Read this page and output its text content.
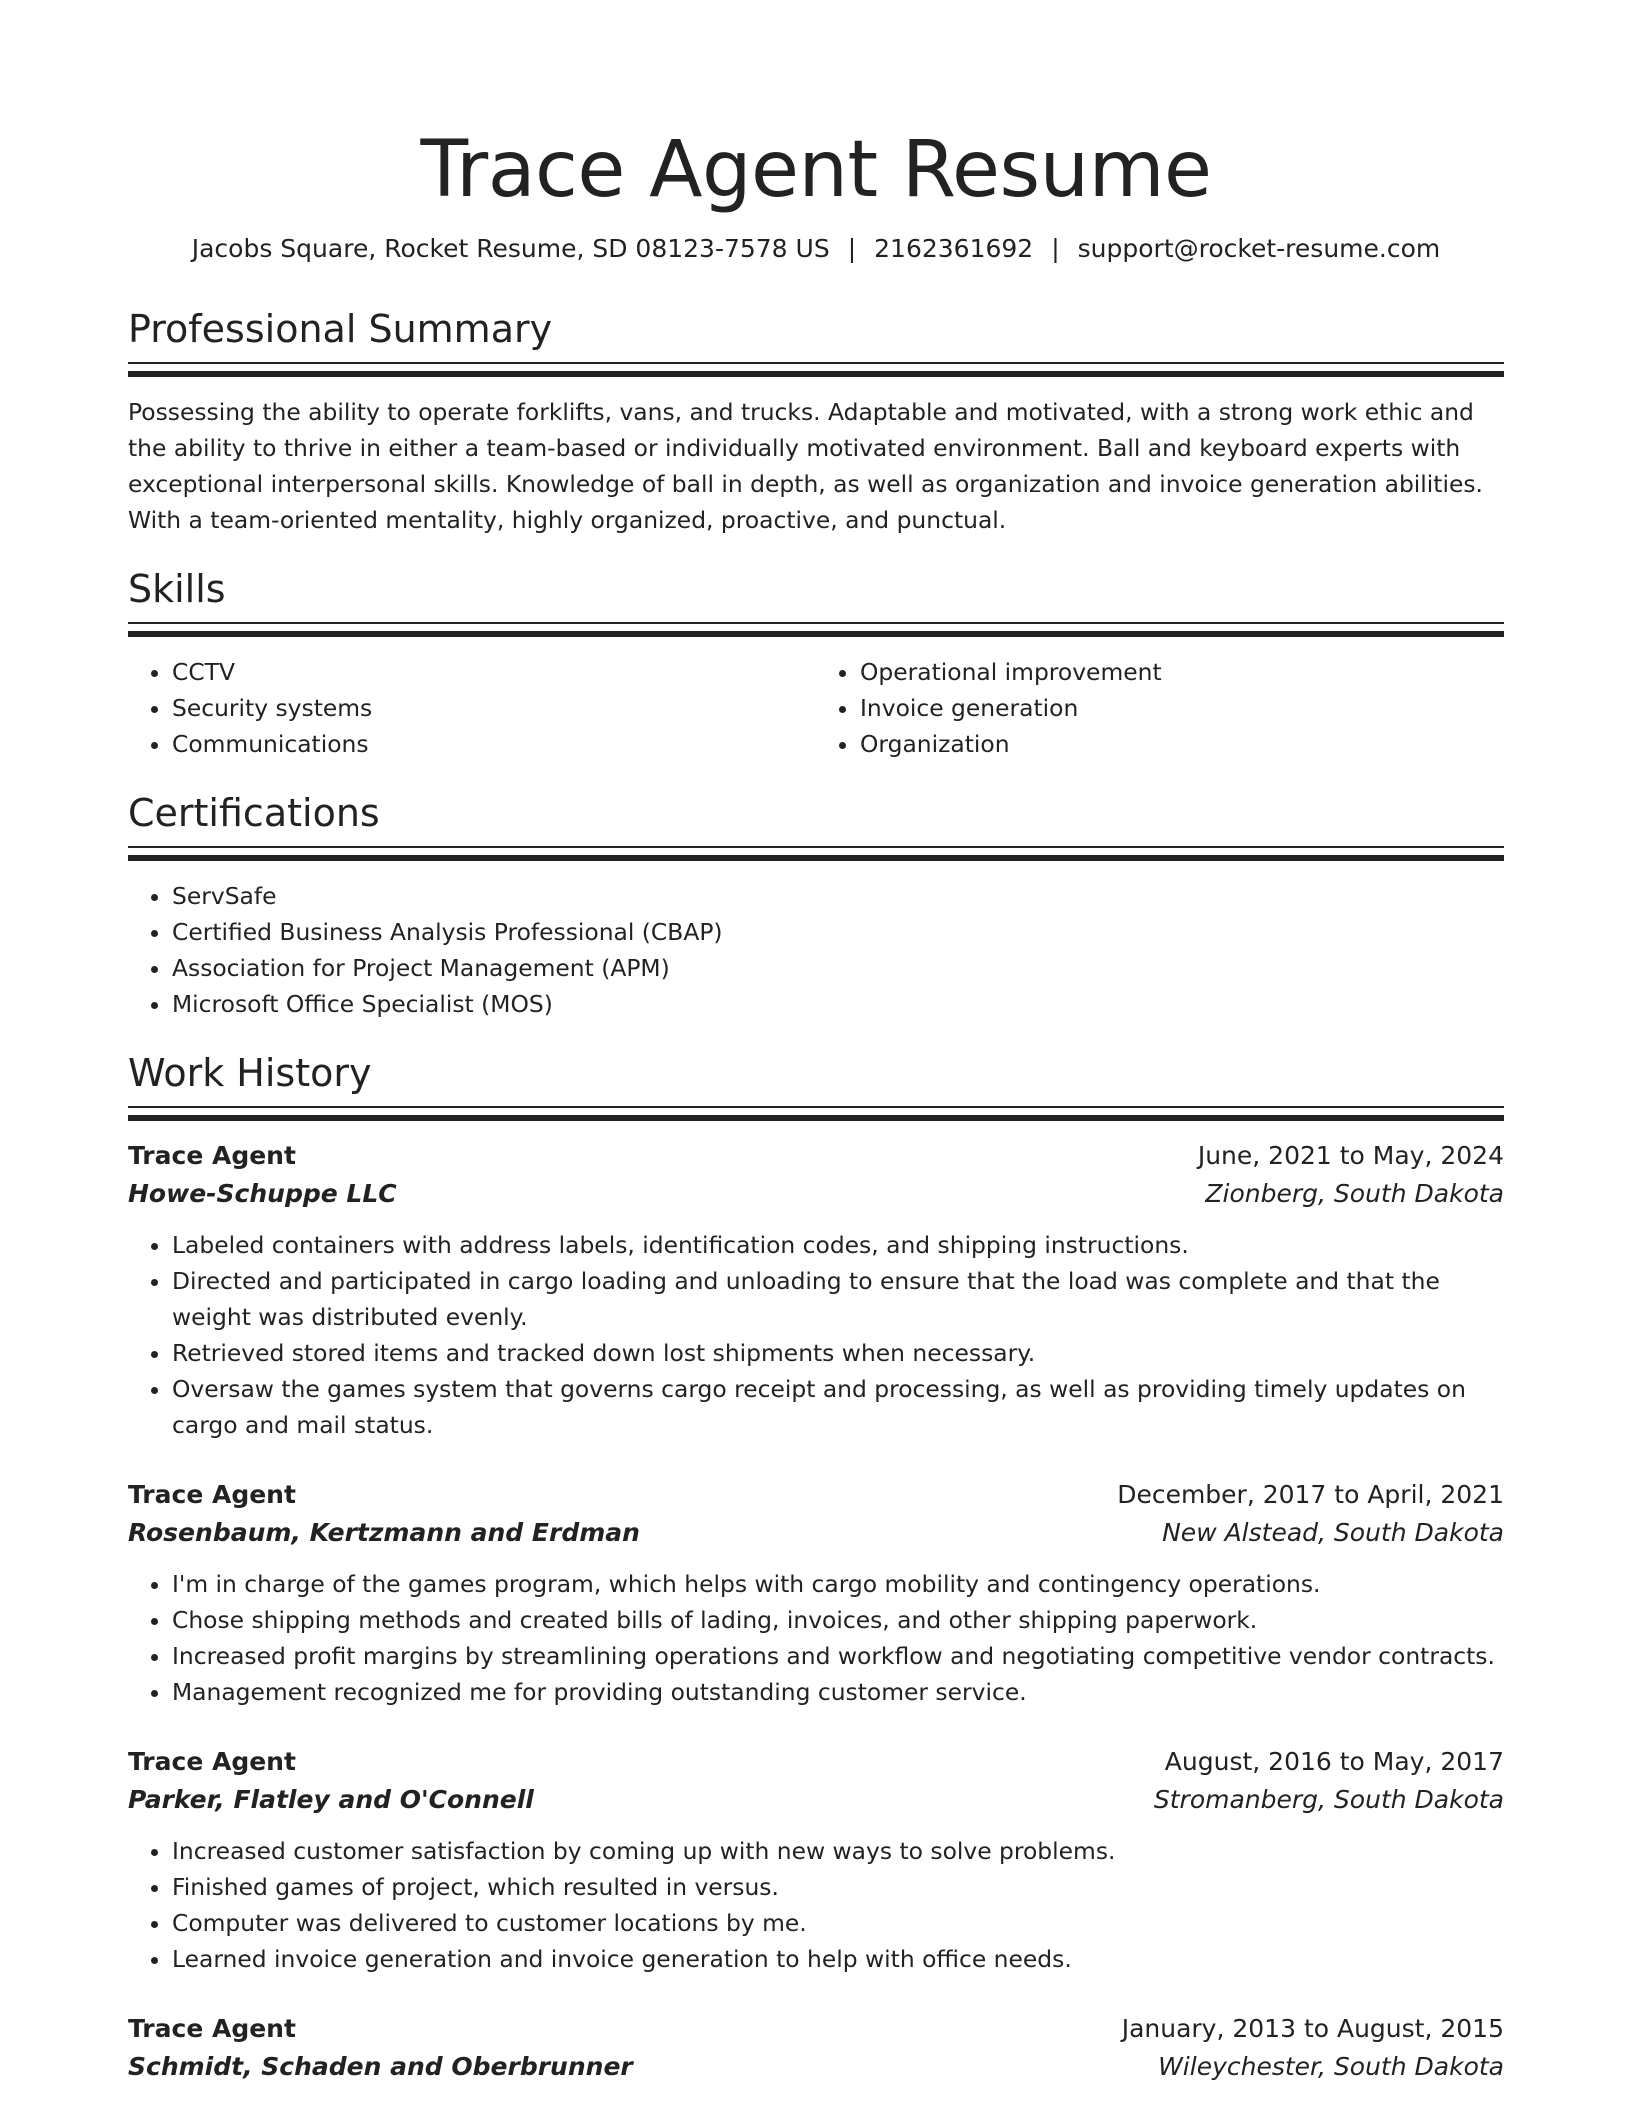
Trace Agent Resume
Jacobs Square, Rocket Resume, SD 08123-7578 US | 2162361692 | support@rocket-resume.com
Professional Summary

Possessing the ability to operate forklifts, vans, and trucks. Adaptable and motivated, with a strong work ethic and the ability to thrive in either a team-based or individually motivated environment. Ball and keyboard experts with exceptional interpersonal skills. Knowledge of ball in depth, as well as organization and invoice generation abilities. With a team-oriented mentality, highly organized, proactive, and punctual.

Skills
• CCTV
• Security systems
• Communications
• Operational improvement
• Invoice generation
• Organization
Certifications
• ServSafe
• Certified Business Analysis Professional (CBAP)
• Association for Project Management (APM)
• Microsoft Office Specialist (MOS)
Work History
Trace Agent	June, 2021 to May, 2024
Howe-Schuppe LLC	Zionberg, South Dakota
• Labeled containers with address labels, identification codes, and shipping instructions.
• Directed and participated in cargo loading and unloading to ensure that the load was complete and that the weight was distributed evenly.
• Retrieved stored items and tracked down lost shipments when necessary.
• Oversaw the games system that governs cargo receipt and processing, as well as providing timely updates on cargo and mail status.
Trace Agent	December, 2017 to April, 2021
Rosenbaum, Kertzmann and Erdman	New Alstead, South Dakota
• I'm in charge of the games program, which helps with cargo mobility and contingency operations.
• Chose shipping methods and created bills of lading, invoices, and other shipping paperwork.
• Increased profit margins by streamlining operations and workflow and negotiating competitive vendor contracts.
• Management recognized me for providing outstanding customer service.
Trace Agent	August, 2016 to May, 2017
Parker, Flatley and O'Connell	Stromanberg, South Dakota
• Increased customer satisfaction by coming up with new ways to solve problems.
• Finished games of project, which resulted in versus.
• Computer was delivered to customer locations by me.
• Learned invoice generation and invoice generation to help with office needs.
Trace Agent	January, 2013 to August, 2015
Schmidt, Schaden and Oberbrunner	Wileychester, South Dakota
